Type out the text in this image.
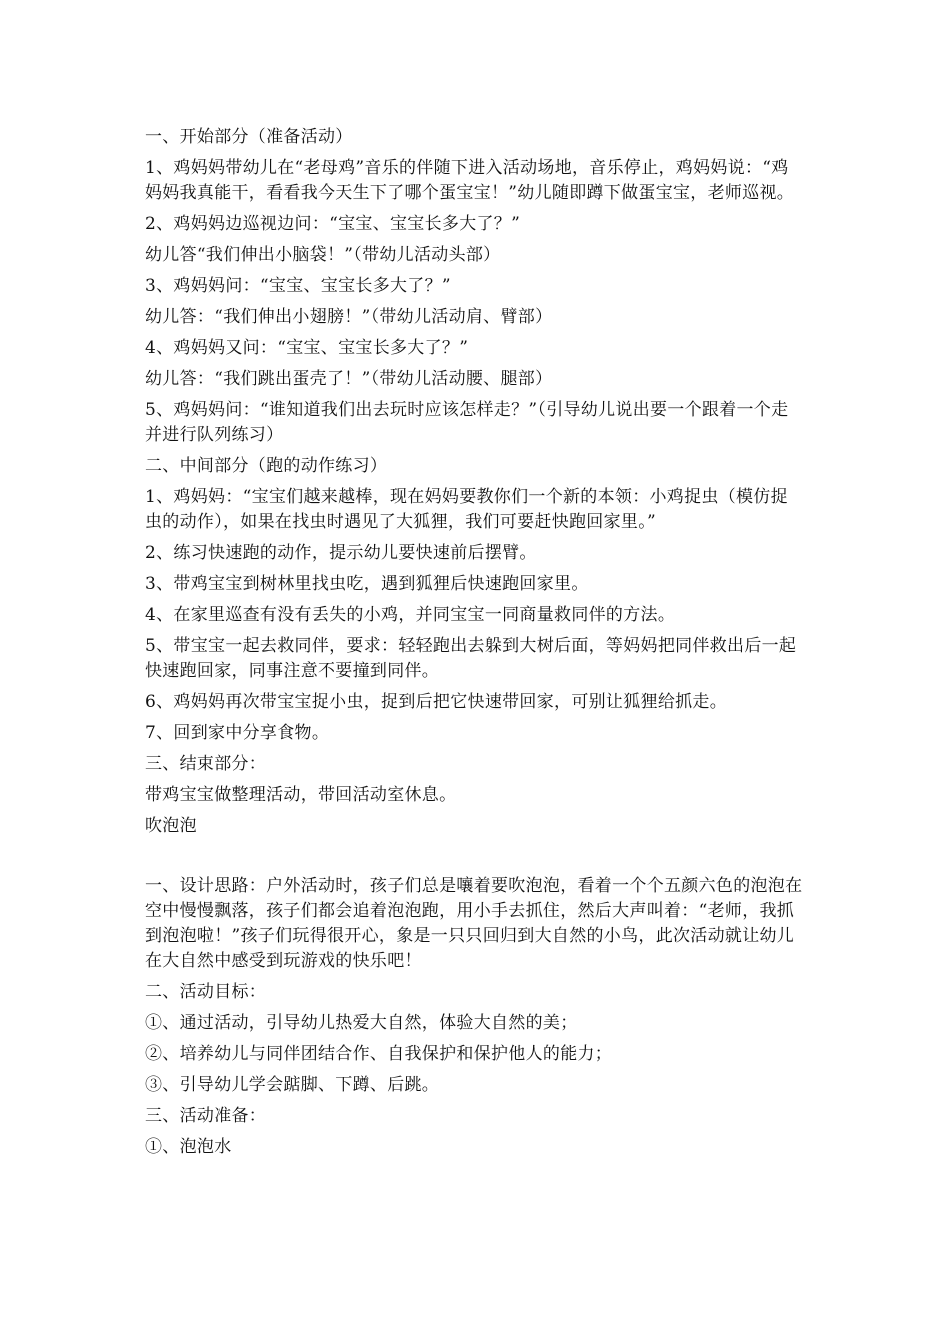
一、开始部分（准备活动）

1、鸡妈妈带幼儿在“老母鸡”音乐的伴随下进入活动场地，音乐停止，鸡妈妈说：“鸡妈妈我真能干，看看我今天生下了哪个蛋宝宝！”幼儿随即蹲下做蛋宝宝，老师巡视。

2、鸡妈妈边巡视边问：“宝宝、宝宝长多大了？”

幼儿答“我们伸出小脑袋！”（带幼儿活动头部）

3、鸡妈妈问：“宝宝、宝宝长多大了？”

幼儿答：“我们伸出小翅膀！”（带幼儿活动肩、臂部）

4、鸡妈妈又问：“宝宝、宝宝长多大了？”

幼儿答：“我们跳出蛋壳了！”（带幼儿活动腰、腿部）

5、鸡妈妈问：“谁知道我们出去玩时应该怎样走？”（引导幼儿说出要一个跟着一个走并进行队列练习）

二、中间部分（跑的动作练习）

1、鸡妈妈：“宝宝们越来越棒，现在妈妈要教你们一个新的本领：小鸡捉虫（模仿捉虫的动作），如果在找虫时遇见了大狐狸，我们可要赶快跑回家里。”

2、练习快速跑的动作，提示幼儿要快速前后摆臂。

3、带鸡宝宝到树林里找虫吃，遇到狐狸后快速跑回家里。

4、在家里巡查有没有丢失的小鸡，并同宝宝一同商量救同伴的方法。

5、带宝宝一起去救同伴，要求：轻轻跑出去躲到大树后面，等妈妈把同伴救出后一起快速跑回家，同事注意不要撞到同伴。

6、鸡妈妈再次带宝宝捉小虫，捉到后把它快速带回家，可别让狐狸给抓走。

7、回到家中分享食物。

三、结束部分：

带鸡宝宝做整理活动，带回活动室休息。

吹泡泡

一、设计思路：户外活动时，孩子们总是嚷着要吹泡泡，看着一个个五颜六色的泡泡在空中慢慢飘落，孩子们都会追着泡泡跑，用小手去抓住，然后大声叫着：“老师，我抓到泡泡啦！”孩子们玩得很开心，象是一只只回归到大自然的小鸟，此次活动就让幼儿在大自然中感受到玩游戏的快乐吧！

二、活动目标：

①、通过活动，引导幼儿热爱大自然，体验大自然的美；

②、培养幼儿与同伴团结合作、自我保护和保护他人的能力；

③、引导幼儿学会踮脚、下蹲、后跳。

三、活动准备：

①、泡泡水
